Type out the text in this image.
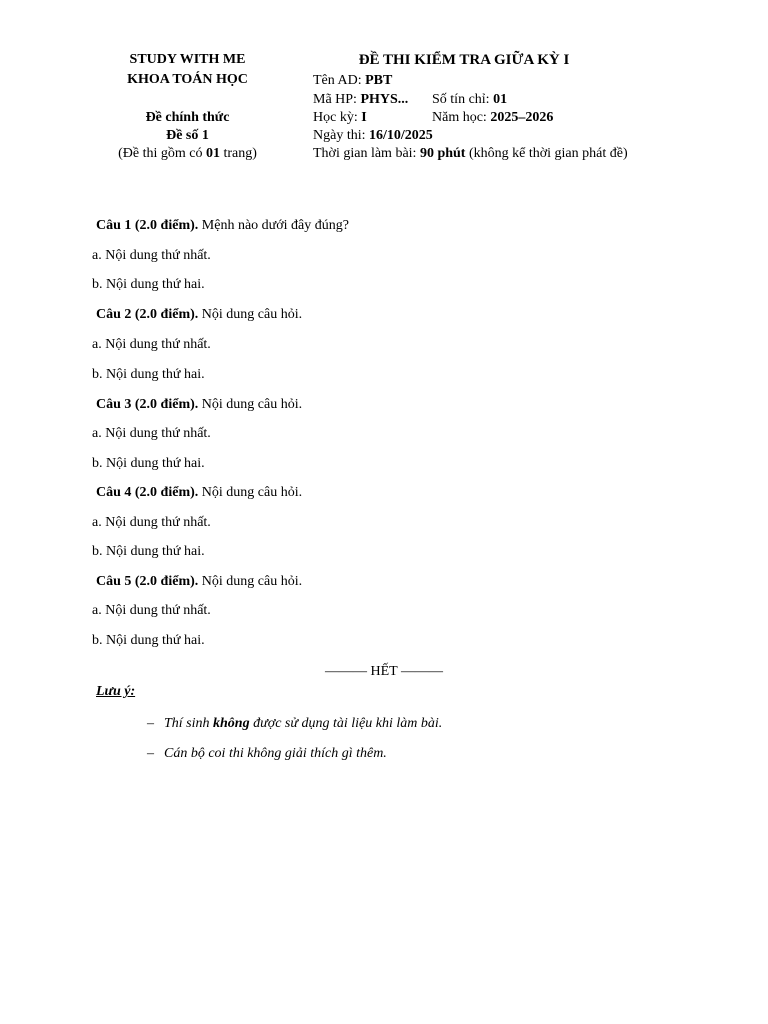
STUDY WITH ME
KHOA TOÁN HỌC
Đề chính thức
Đề số 1
(Đề thi gồm có 01 trang)
ĐỀ THI KIỂM TRA GIỮA KỲ I
Tên AD: PBT
Mã HP: PHYS... Số tín chỉ: 01
Học kỳ: I	Năm học: 2025–2026
Ngày thi: 16/10/2025
Thời gian làm bài: 90 phút (không kể thời gian phát đề)
Câu 1 (2.0 điểm). Mệnh nào dưới đây đúng?
a. Nội dung thứ nhất.
b. Nội dung thứ hai.
Câu 2 (2.0 điểm). Nội dung câu hỏi.
a. Nội dung thứ nhất.
b. Nội dung thứ hai.
Câu 3 (2.0 điểm). Nội dung câu hỏi.
a. Nội dung thứ nhất.
b. Nội dung thứ hai.
Câu 4 (2.0 điểm). Nội dung câu hỏi.
a. Nội dung thứ nhất.
b. Nội dung thứ hai.
Câu 5 (2.0 điểm). Nội dung câu hỏi.
a. Nội dung thứ nhất.
b. Nội dung thứ hai.
——— HẾT ———
Lưu ý:
– Thí sinh không được sử dụng tài liệu khi làm bài.
– Cán bộ coi thi không giải thích gì thêm.
